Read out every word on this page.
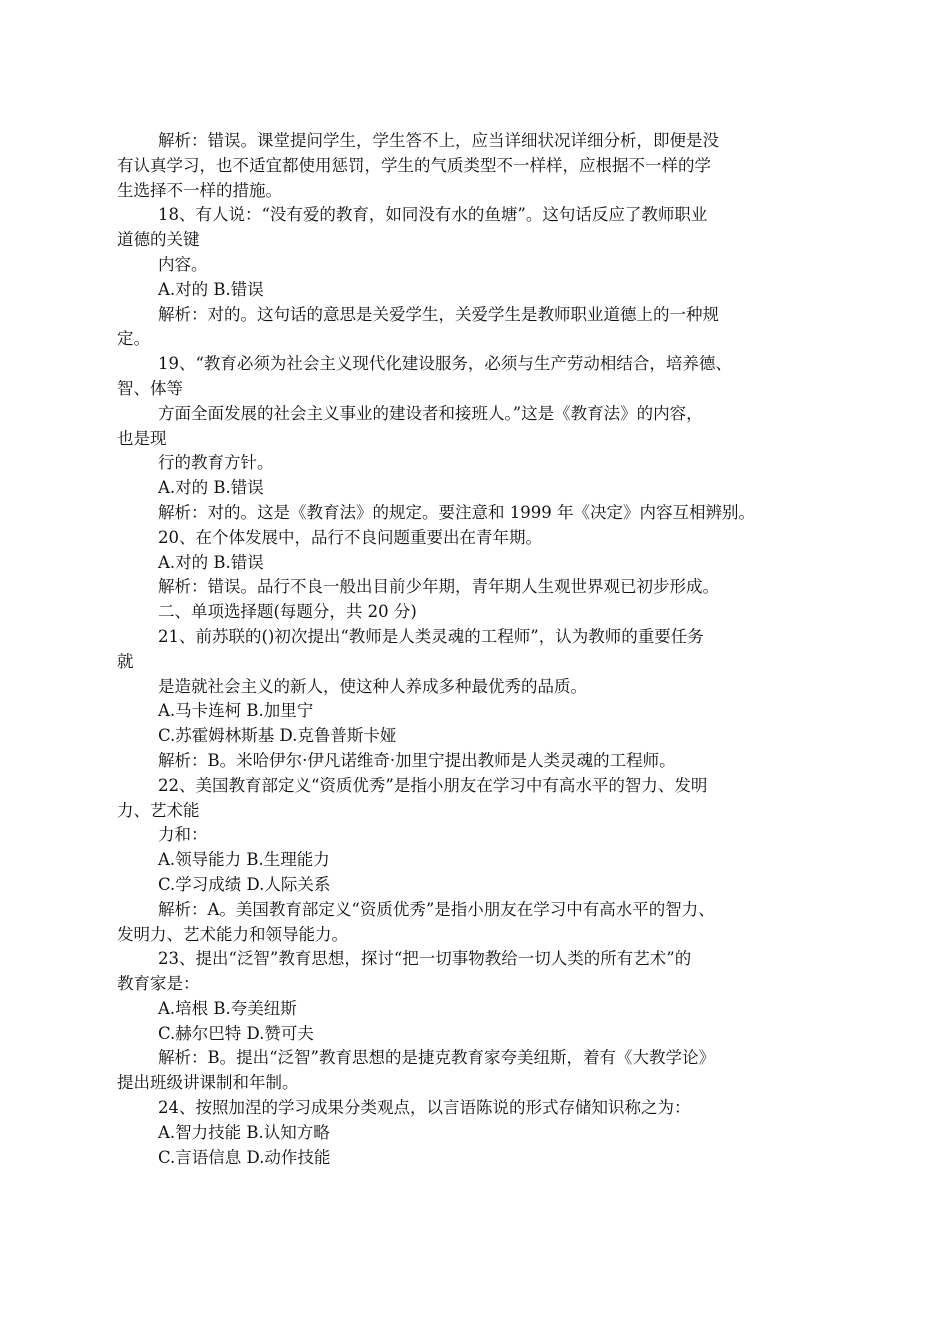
解析：错误。课堂提问学生，学生答不上，应当详细状况详细分析，即便是没
有认真学习，也不适宜都使用惩罚，学生的气质类型不一样样，应根据不一样的学
生选择不一样的措施。
18、有人说：“没有爱的教育，如同没有水的鱼塘”。这句话反应了教师职业
道德的关键
内容。
A.对的 B.错误
解析：对的。这句话的意思是关爱学生，关爱学生是教师职业道德上的一种规
定。
19、“教育必须为社会主义现代化建设服务，必须与生产劳动相结合，培养德、
智、体等
方面全面发展的社会主义事业的建设者和接班人。”这是《教育法》的内容，
也是现
行的教育方针。
A.对的 B.错误
解析：对的。这是《教育法》的规定。要注意和 1999 年《决定》内容互相辨别。
20、在个体发展中，品行不良问题重要出在青年期。
A.对的 B.错误
解析：错误。品行不良一般出目前少年期，青年期人生观世界观已初步形成。
二、单项选择题(每题分，共 20 分)
21、前苏联的()初次提出“教师是人类灵魂的工程师”，认为教师的重要任务
就
是造就社会主义的新人，使这种人养成多种最优秀的品质。
A.马卡连柯 B.加里宁
C.苏霍姆林斯基 D.克鲁普斯卡娅
解析：B。米哈伊尔·伊凡诺维奇·加里宁提出教师是人类灵魂的工程师。
22、美国教育部定义“资质优秀”是指小朋友在学习中有高水平的智力、发明
力、艺术能
力和：
A.领导能力 B.生理能力
C.学习成绩 D.人际关系
解析：A。美国教育部定义“资质优秀”是指小朋友在学习中有高水平的智力、
发明力、艺术能力和领导能力。
23、提出“泛智”教育思想，探讨“把一切事物教给一切人类的所有艺术”的
教育家是：
A.培根 B.夸美纽斯
C.赫尔巴特 D.赞可夫
解析：B。提出“泛智”教育思想的是捷克教育家夸美纽斯，着有《大教学论》
提出班级讲课制和年制。
24、按照加涅的学习成果分类观点，以言语陈说的形式存储知识称之为：
A.智力技能 B.认知方略
C.言语信息 D.动作技能
